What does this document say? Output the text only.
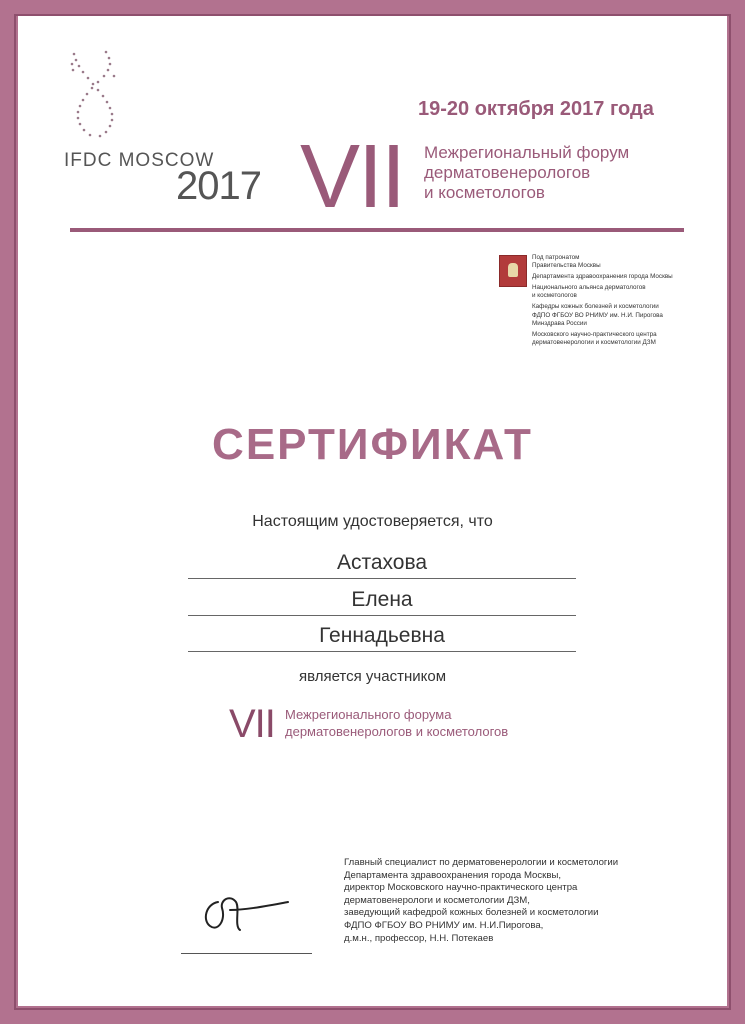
IFDC MOSCOW
2017 VII
19-20 октября 2017 года
Межрегиональный форум
дерматовенерологов
и косметологов
Под патронатом
Правительства Москвы
Департамента здравоохранения города Москвы
Национального альянса дерматологов
и косметологов
Кафедры кожных болезней и косметологии
ФДПО ФГБОУ ВО РНИМУ им. Н.И. Пирогова
Минздрава России
Московского научно-практического центра
дерматовенерологии и косметологии ДЗМ
СЕРТИФИКАТ
Настоящим удостоверяется, что
Астахова
Елена
Геннадьевна
является участником
VII Межрегионального форума
дерматовенерологов и косметологов
Главный специалист по дерматовенерологии и косметологии
Департамента здравоохранения города Москвы,
директор Московского научно-практического центра
дерматовенерологи и косметологии ДЗМ,
заведующий кафедрой кожных болезней и косметологии
ФДПО ФГБОУ ВО РНИМУ им. Н.И.Пирогова,
д.м.н., профессор, Н.Н. Потекаев
